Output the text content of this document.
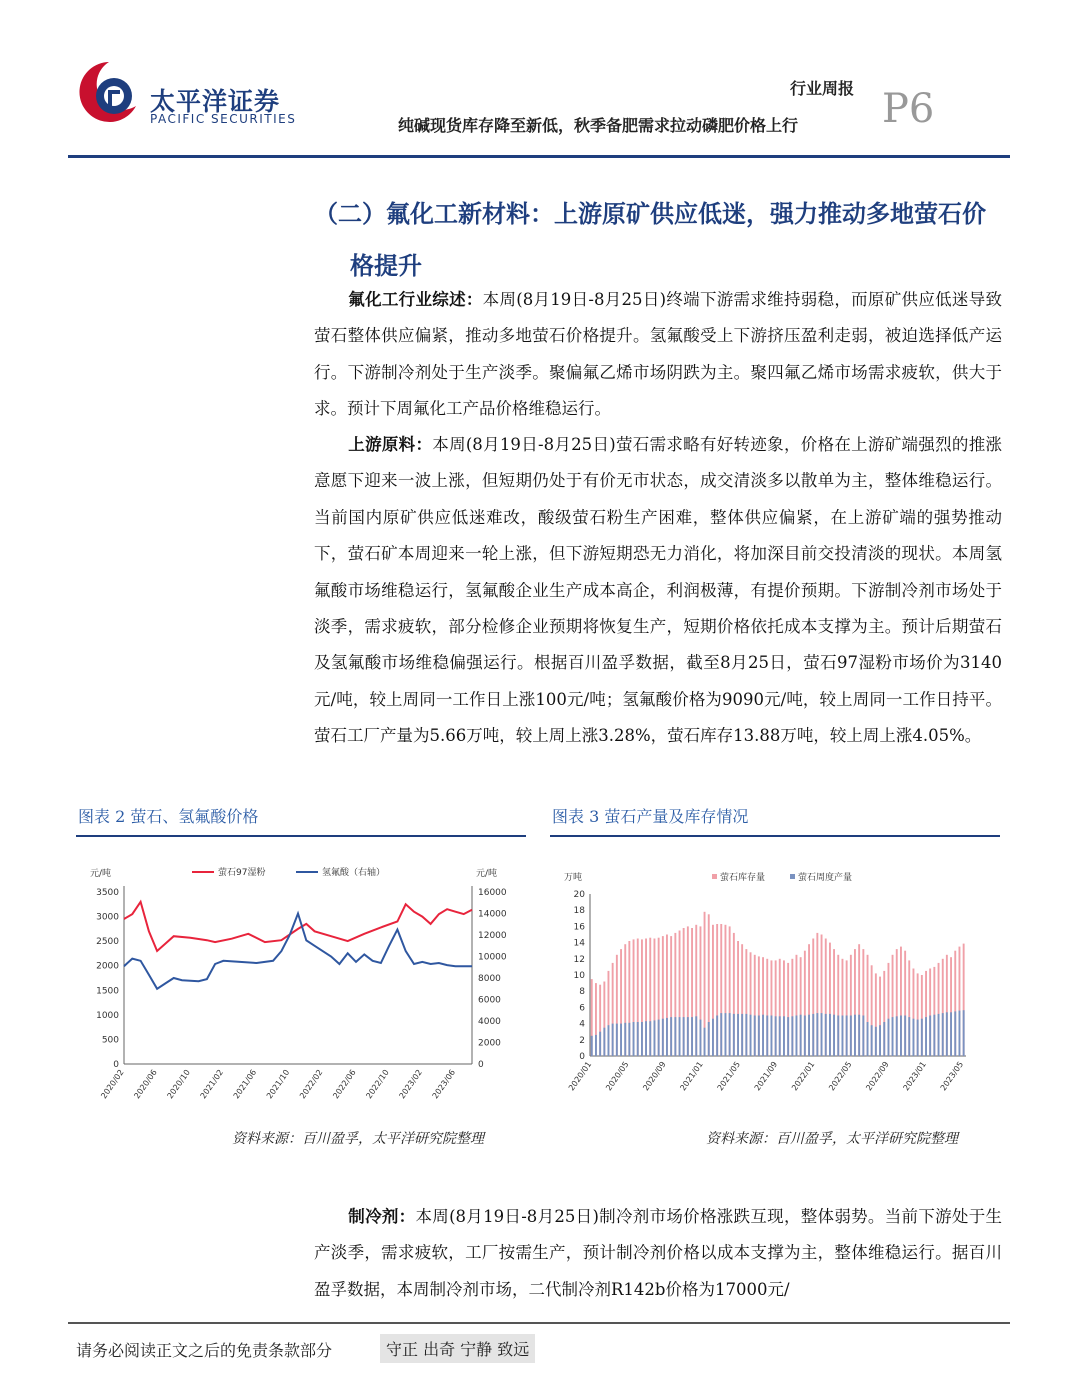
太平洋证券
PACIFIC SECURITIES
行业周报
纯碱现货库存降至新低，秋季备肥需求拉动磷肥价格上行 P6
（二）氟化工新材料：上游原矿供应低迷，强力推动多地萤石价
格提升
氟化工行业综述：本周(8月19日-8月25日)终端下游需求维持弱稳，而原矿供应低迷导致萤石整体供应偏紧，推动多地萤石价格提升。氢氟酸受上下游挤压盈利走弱，被迫选择低产运行。下游制冷剂处于生产淡季。聚偏氟乙烯市场阴跌为主。聚四氟乙烯市场需求疲软，供大于求。预计下周氟化工产品价格维稳运行。
上游原料：本周(8月19日-8月25日)萤石需求略有好转迹象，价格在上游矿端强烈的推涨意愿下迎来一波上涨，但短期仍处于有价无市状态，成交清淡多以散单为主，整体维稳运行。当前国内原矿供应低迷难改，酸级萤石粉生产困难，整体供应偏紧，在上游矿端的强势推动下，萤石矿本周迎来一轮上涨，但下游短期恐无力消化，将加深目前交投清淡的现状。本周氢氟酸市场维稳运行，氢氟酸企业生产成本高企，利润极薄，有提价预期。下游制冷剂市场处于淡季，需求疲软，部分检修企业预期将恢复生产，短期价格依托成本支撑为主。预计后期萤石及氢氟酸市场维稳偏强运行。根据百川盈孚数据，截至8月25日，萤石97湿粉市场价为3140元/吨，较上周同一工作日上涨100元/吨；氢氟酸价格为9090元/吨，较上周同一工作日持平。萤石工厂产量为5.66万吨，较上周上涨3.28%，萤石库存13.88万吨，较上周上涨4.05%。
图表 2 萤石、氢氟酸价格
元/吨	元/吨
0
500
1000
1500
2000
2500
3000
3500
0
2000
4000
6000
8000
10000
12000
14000
16000
2020/02 2020/06 2020/10 2021/02 2021/06 2021/10 2022/02 2022/06 2022/10 2023/02 2023/06
萤石97湿粉	氢氟酸（右轴）
资料来源：百川盈孚，太平洋研究院整理
图表 3 萤石产量及库存情况
万吨
0
2
4
6
8
10
12
14
16
18
20
萤石库存量	萤石周度产量
2020/01 2020/05 2020/09 2021/01 2021/05 2021/09 2022/01 2022/05 2022/09 2023/01 2023/05
资料来源：百川盈孚，太平洋研究院整理
制冷剂：本周(8月19日-8月25日)制冷剂市场价格涨跌互现，整体弱势。当前下游处于生产淡季，需求疲软，工厂按需生产，预计制冷剂价格以成本支撑为主，整体维稳运行。据百川盈孚数据，本周制冷剂市场，二代制冷剂R142b价格为17000元/
请务必阅读正文之后的免责条款部分	守正 出奇 宁静 致远
